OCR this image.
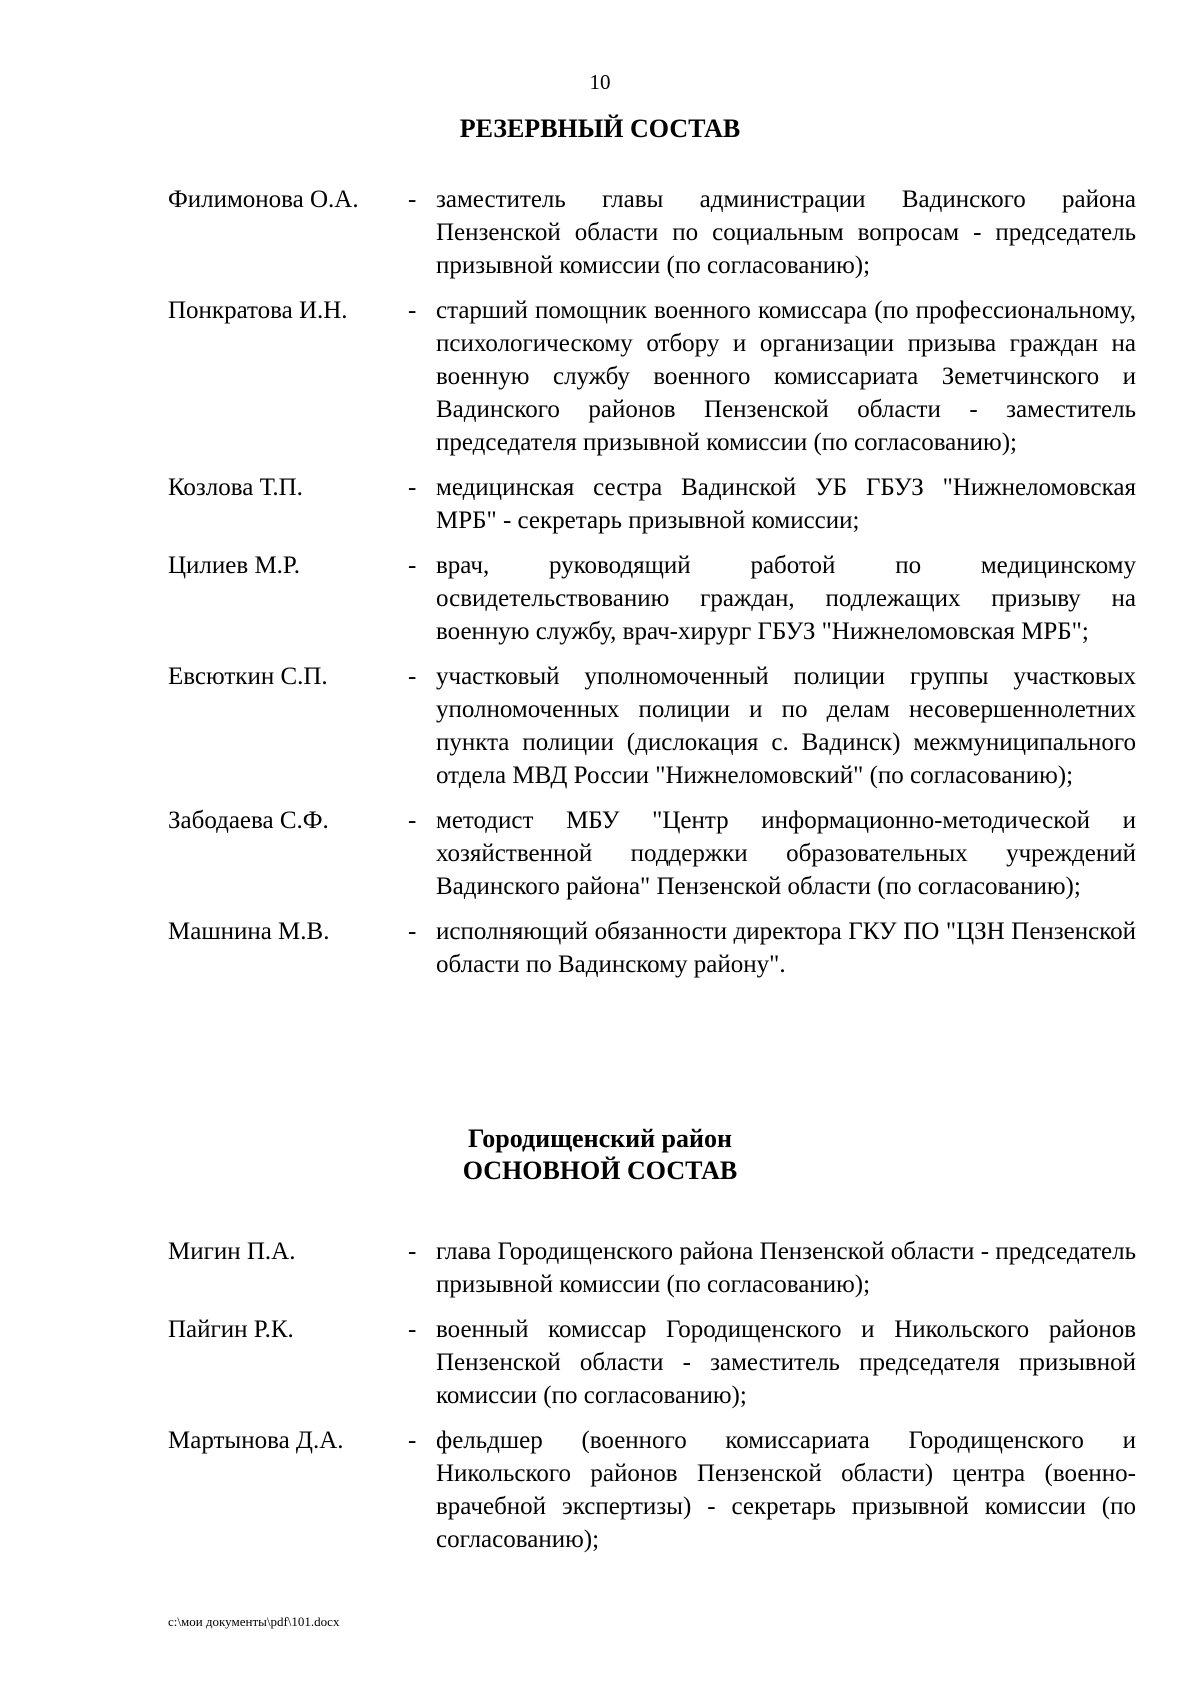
10
РЕЗЕРВНЫЙ СОСТАВ
Филимонова О.А.	- заместитель главы администрации Вадинского района Пензенской области по социальным вопросам - председатель призывной комиссии (по согласованию);
Понкратова И.Н.	- старший помощник военного комиссара (по профессиональному, психологическому отбору и организации призыва граждан на военную службу военного комиссариата Земетчинского и Вадинского районов Пензенской области - заместитель председателя призывной комиссии (по согласованию);
Козлова Т.П.	- медицинская сестра Вадинской УБ ГБУЗ "Нижнеломовская МРБ" - секретарь призывной комиссии;
Цилиев М.Р.	- врач, руководящий работой по медицинскому освидетельствованию граждан, подлежащих призыву на военную службу, врач-хирург ГБУЗ "Нижнеломовская МРБ";
Евсюткин С.П.	- участковый уполномоченный полиции группы участковых уполномоченных полиции и по делам несовершеннолетних пункта полиции (дислокация с. Вадинск) межмуниципального отдела МВД России "Нижнеломовский" (по согласованию);
Забодаева С.Ф.	- методист МБУ "Центр информационно-методической и хозяйственной поддержки образовательных учреждений Вадинского района" Пензенской области (по согласованию);
Машнина М.В.	- исполняющий обязанности директора ГКУ ПО "ЦЗН Пензенской области по Вадинскому району".
Городищенский район
ОСНОВНОЙ СОСТАВ
Мигин П.А.	- глава Городищенского района Пензенской области - председатель призывной комиссии (по согласованию);
Пайгин Р.К.	- военный комиссар Городищенского и Никольского районов Пензенской области - заместитель председателя призывной комиссии (по согласованию);
Мартынова Д.А.	- фельдшер (военного комиссариата Городищенского и Никольского районов Пензенской области) центра (военно-врачебной экспертизы) - секретарь призывной комиссии (по согласованию);
c:\мои документы\pdf\101.docx
